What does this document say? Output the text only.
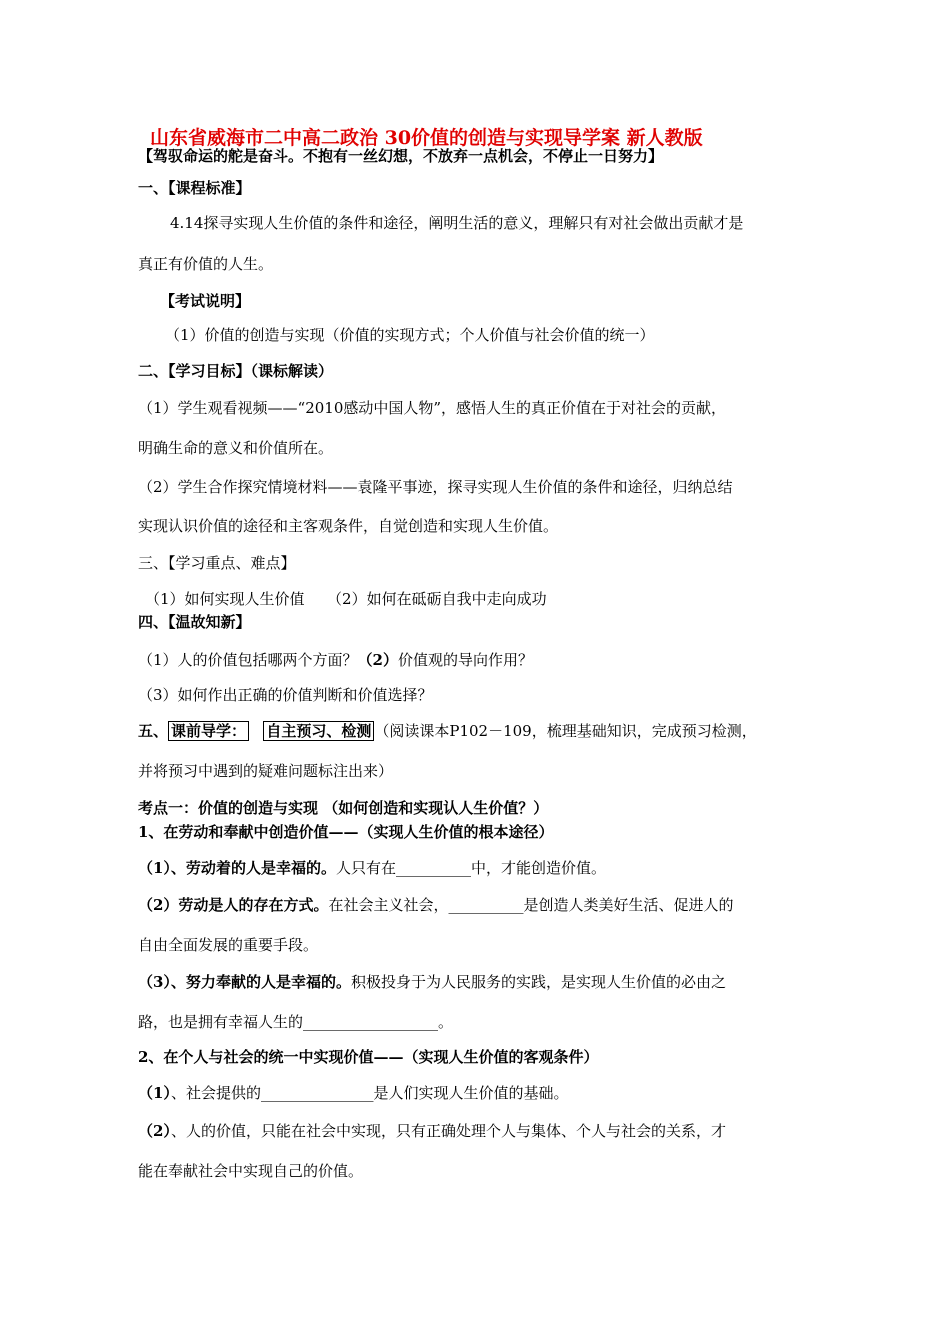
山东省威海市二中高二政治 30价值的创造与实现导学案 新人教版
【驾驭命运的舵是奋斗。不抱有一丝幻想，不放弃一点机会，不停止一日努力】
一、【课程标准】
4.14探寻实现人生价值的条件和途径，阐明生活的意义，理解只有对社会做出贡献才是
真正有价值的人生。
【考试说明】
（1）价值的创造与实现（价值的实现方式；个人价值与社会价值的统一）
二、【学习目标】（课标解读）
（1）学生观看视频——“2010感动中国人物”，感悟人生的真正价值在于对社会的贡献，
明确生命的意义和价值所在。
（2）学生合作探究情境材料——袁隆平事迹，探寻实现人生价值的条件和途径，归纳总结
实现认识价值的途径和主客观条件，自觉创造和实现人生价值。
三、【学习重点、难点】
（1）如何实现人生价值　　（2）如何在砥砺自我中走向成功
四、【温故知新】
（1）人的价值包括哪两个方面？（2）价值观的导向作用？
（3）如何作出正确的价值判断和价值选择？
五、 课前导学： 自主预习、检测 （阅读课本P102－109，梳理基础知识，完成预习检测，
并将预习中遇到的疑难问题标注出来）
考点一：价值的创造与实现 （如何创造和实现认人生价值？）
1、在劳动和奉献中创造价值——（实现人生价值的根本途径）
（1）、劳动着的人是幸福的。人只有在__________中，才能创造价值。
（2）劳动是人的存在方式。在社会主义社会，__________是创造人类美好生活、促进人的
自由全面发展的重要手段。
（3）、努力奉献的人是幸福的。积极投身于为人民服务的实践，是实现人生价值的必由之
路，也是拥有幸福人生的__________________。
2、在个人与社会的统一中实现价值——（实现人生价值的客观条件）
（1）、社会提供的_______________是人们实现人生价值的基础。
（2）、人的价值，只能在社会中实现，只有正确处理个人与集体、个人与社会的关系，才
能在奉献社会中实现自己的价值。
